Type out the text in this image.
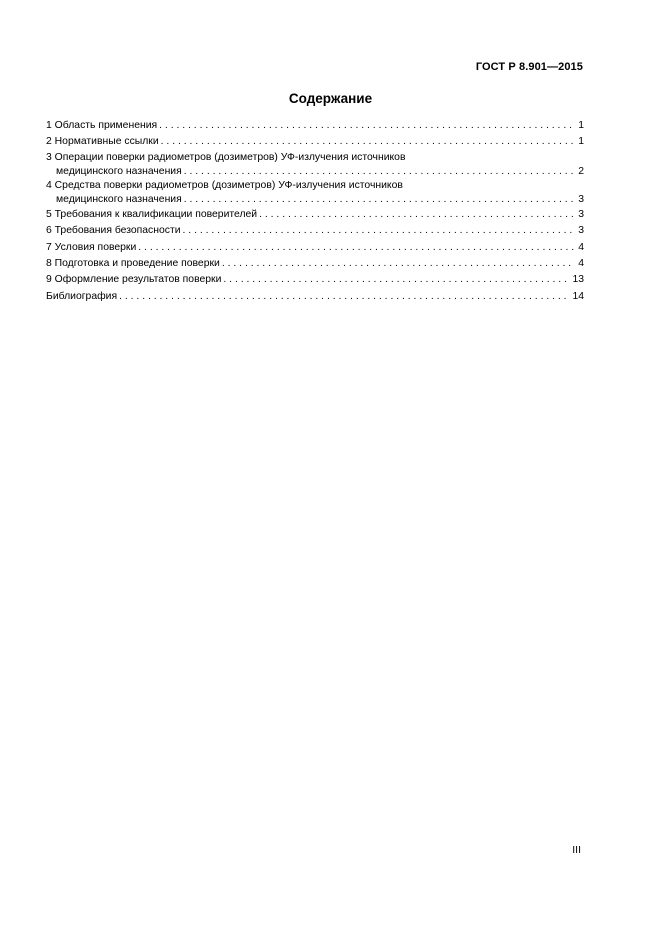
ГОСТ Р 8.901—2015
Содержание
1 Область применения . . .	1
2 Нормативные ссылки . . .	1
3 Операции поверки радиометров (дозиметров) УФ-излучения источников
медицинского назначения . . .	2
4 Средства поверки радиометров (дозиметров) УФ-излучения источников
медицинского назначения . . .	3
5 Требования к квалификации поверителей . . .	3
6 Требования безопасности . . .	3
7 Условия поверки . . .	4
8 Подготовка и проведение поверки . . .	4
9 Оформление результатов поверки . . .	13
Библиография . . .	14
III
